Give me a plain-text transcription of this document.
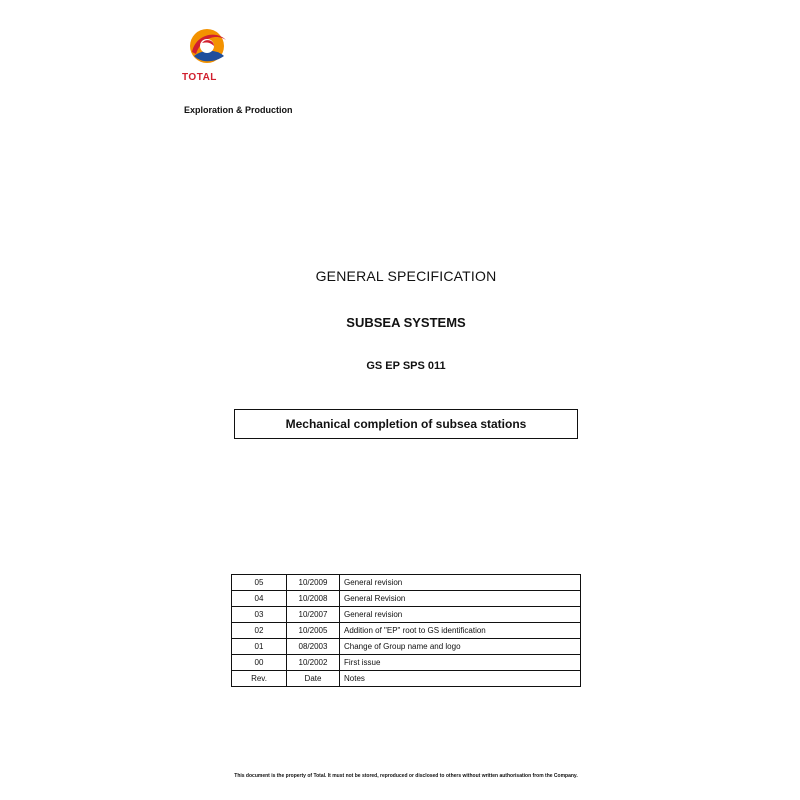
TOTAL
Exploration & Production
GENERAL SPECIFICATION
SUBSEA SYSTEMS
GS EP SPS 011
Mechanical completion of subsea stations
05	10/2009	General revision
04	10/2008	General Revision
03	10/2007	General revision
02	10/2005	Addition of "EP" root to GS identification
01	08/2003	Change of Group name and logo
00	10/2002	First issue
Rev.	Date	Notes
This document is the property of Total. It must not be stored, reproduced or disclosed to others without written authorisation from the Company.
